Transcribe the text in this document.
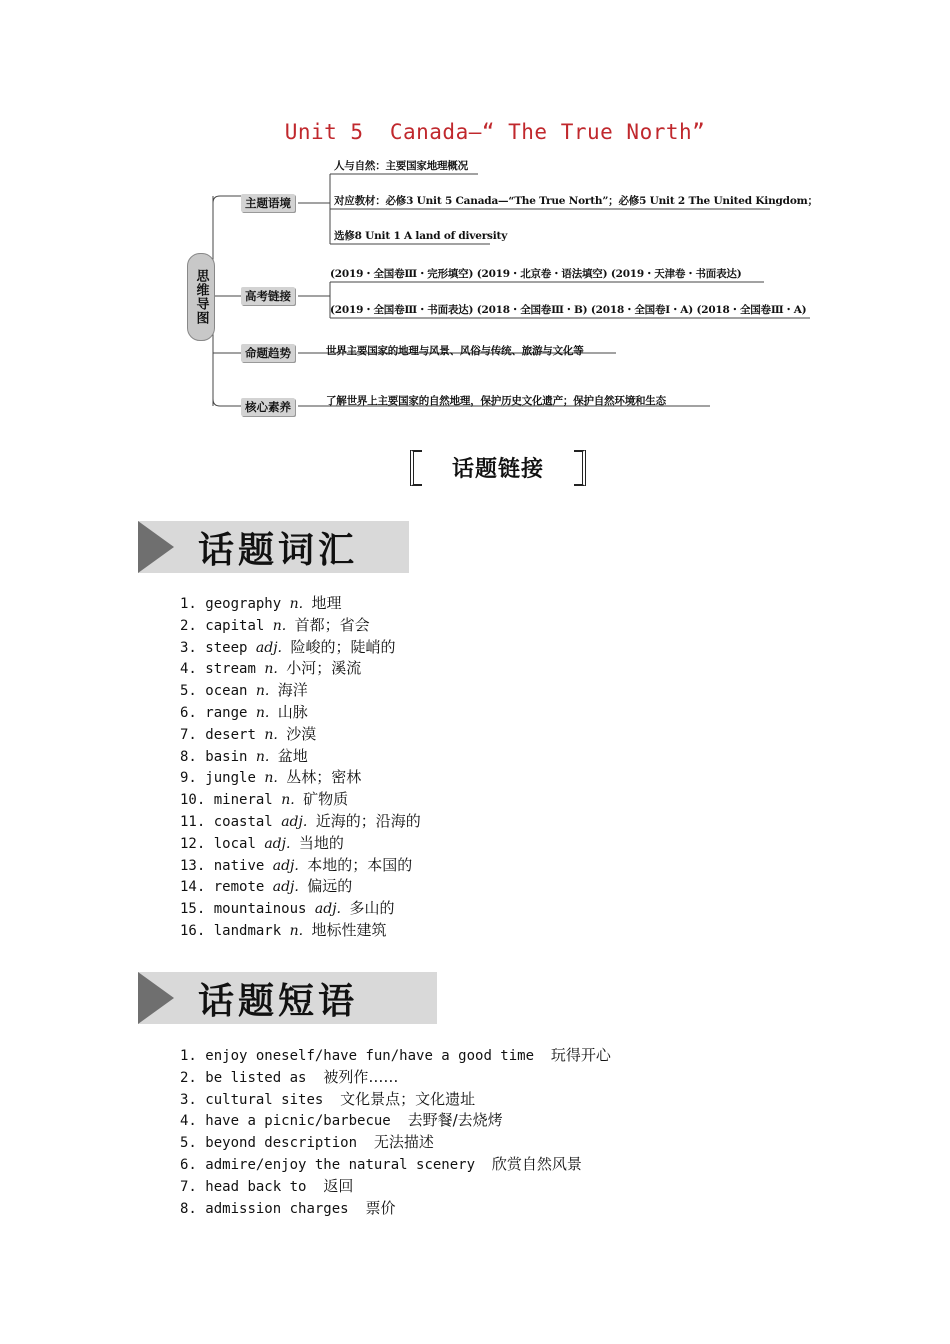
Unit 5  Canada—“ The True North”
思维导图
主题语境
高考链接
命题趋势
核心素养
人与自然：主要国家地理概况
对应教材：必修3 Unit 5 Canada—“The True North”；必修5 Unit 2 The United Kingdom；
选修8 Unit 1 A land of diversity
(2019・全国卷Ⅲ・完形填空) (2019・北京卷・语法填空) (2019・天津卷・书面表达)
(2019・全国卷Ⅲ・书面表达) (2018・全国卷Ⅲ・B) (2018・全国卷Ⅰ・A) (2018・全国卷Ⅲ・A)
世界主要国家的地理与风景、风俗与传统、旅游与文化等
了解世界上主要国家的自然地理，保护历史文化遗产；保护自然环境和生态
话题链接
话题词汇
1. geography n. 地理
2. capital n. 首都；省会
3. steep adj. 险峻的；陡峭的
4. stream n. 小河；溪流
5. ocean n. 海洋
6. range n. 山脉
7. desert n. 沙漠
8. basin n. 盆地
9. jungle n. 丛林；密林
10. mineral n. 矿物质
11. coastal adj. 近海的；沿海的
12. local adj. 当地的
13. native adj. 本地的；本国的
14. remote adj. 偏远的
15. mountainous adj. 多山的
16. landmark n. 地标性建筑
话题短语
1. enjoy oneself/have fun/have a good time 玩得开心
2. be listed as 被列作……
3. cultural sites 文化景点；文化遗址
4. have a picnic/barbecue 去野餐/去烧烤
5. beyond description 无法描述
6. admire/enjoy the natural scenery 欣赏自然风景
7. head back to 返回
8. admission charges 票价
